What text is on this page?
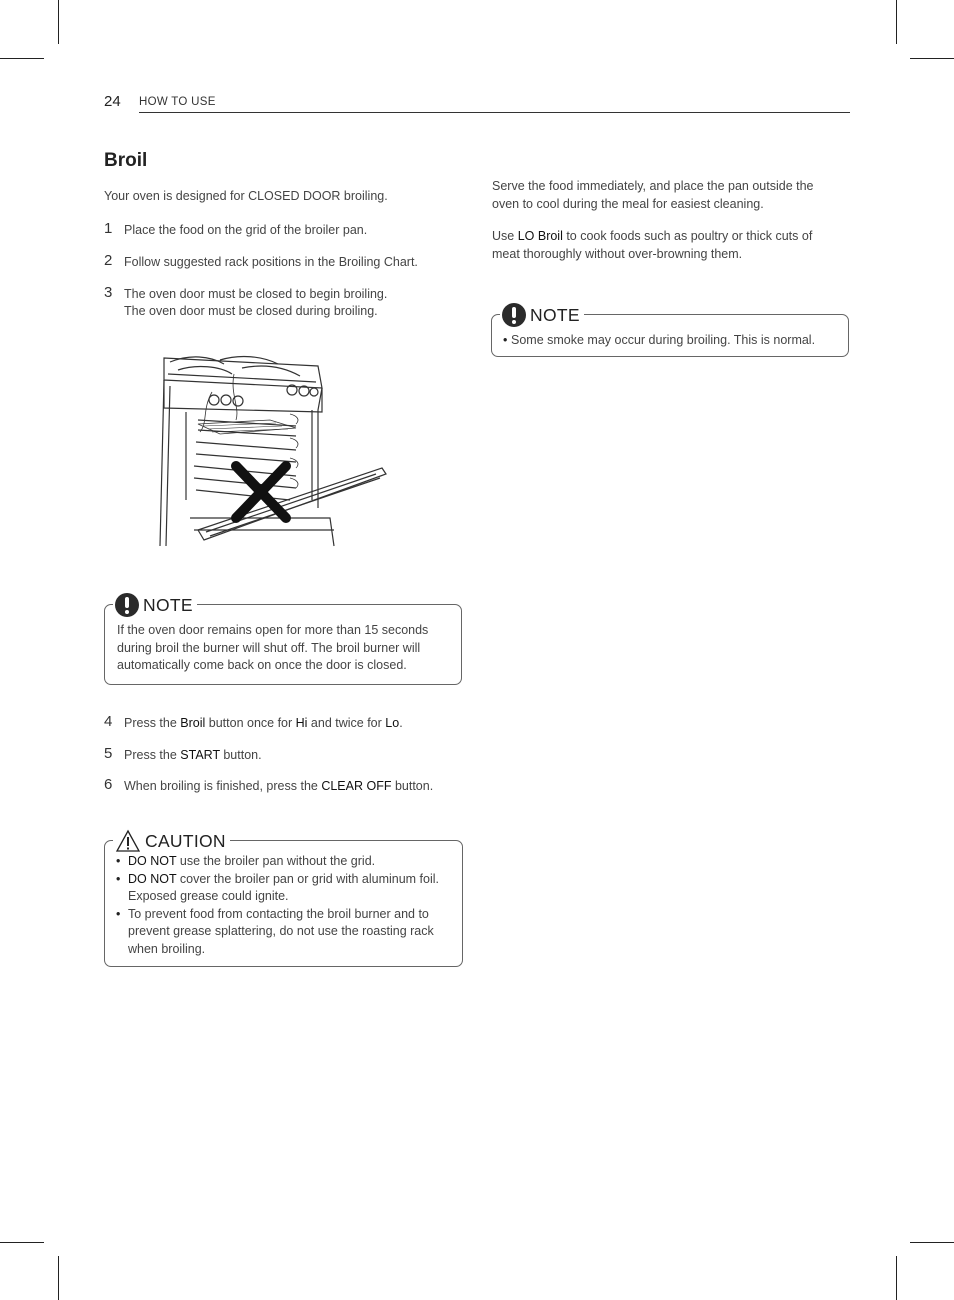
24 HOW TO USE
Broil

Your oven is designed for CLOSED DOOR broiling.

1 Place the food on the grid of the broiler pan.
2 Follow suggested rack positions in the Broiling Chart.
3 The oven door must be closed to begin broiling.
The oven door must be closed during broiling.
NOTE
If the oven door remains open for more than 15 seconds during broil the burner will shut off. The broil burner will automatically come back on once the door is closed.
4 Press the Broil button once for Hi and twice for Lo.
5 Press the START button.
6 When broiling is finished, press the CLEAR OFF button.
CAUTION
• DO NOT use the broiler pan without the grid.
• DO NOT cover the broiler pan or grid with aluminum foil. Exposed grease could ignite.
• To prevent food from contacting the broil burner and to prevent grease splattering, do not use the roasting rack when broiling.

Serve the food immediately, and place the pan outside the oven to cool during the meal for easiest cleaning.

Use LO Broil to cook foods such as poultry or thick cuts of meat thoroughly without over-browning them.

NOTE
• Some smoke may occur during broiling. This is normal.
